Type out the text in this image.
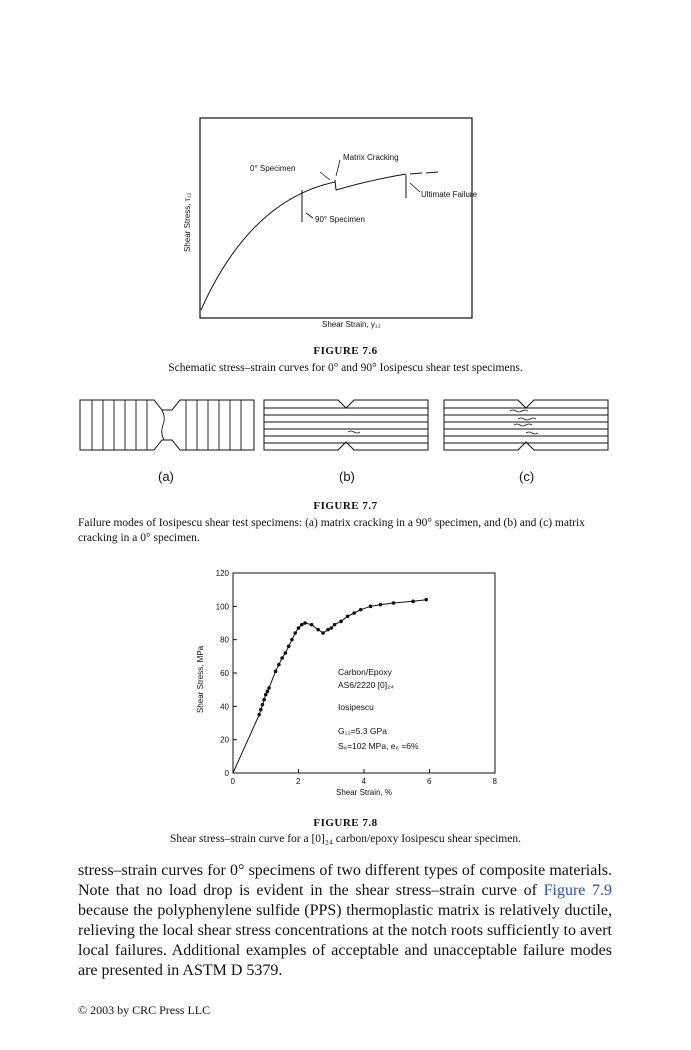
0° Specimen
Matrix Cracking
Ultimate Failure
90° Specimen
Shear Stress, τ₁₂
Shear Strain, γ₁₂
FIGURE 7.6
Schematic stress–strain curves for 0° and 90° Iosipescu shear test specimens.
(a)	(b)	(c)
FIGURE 7.7
Failure modes of Iosipescu shear test specimens: (a) matrix cracking in a 90° specimen, and (b) and (c) matrix cracking in a 0° specimen.
0	2	4	6	8
0
20
40
60
80
100
120
Shear Stress, MPa
Shear Strain, %
Carbon/Epoxy
AS6/2220 [0]₂₄
Iosipescu
G₁₂=5.3 GPa
S₆=102 MPa, e₆ =6%
FIGURE 7.8
Shear stress–strain curve for a [0]₂₄ carbon/epoxy Iosipescu shear specimen.
stress–strain curves for 0° specimens of two different types of composite materials. Note that no load drop is evident in the shear stress–strain curve of Figure 7.9 because the polyphenylene sulfide (PPS) thermoplastic matrix is relatively ductile, relieving the local shear stress concentrations at the notch roots sufficiently to avert local failures. Additional examples of acceptable and unacceptable failure modes are presented in ASTM D 5379.
© 2003 by CRC Press LLC
